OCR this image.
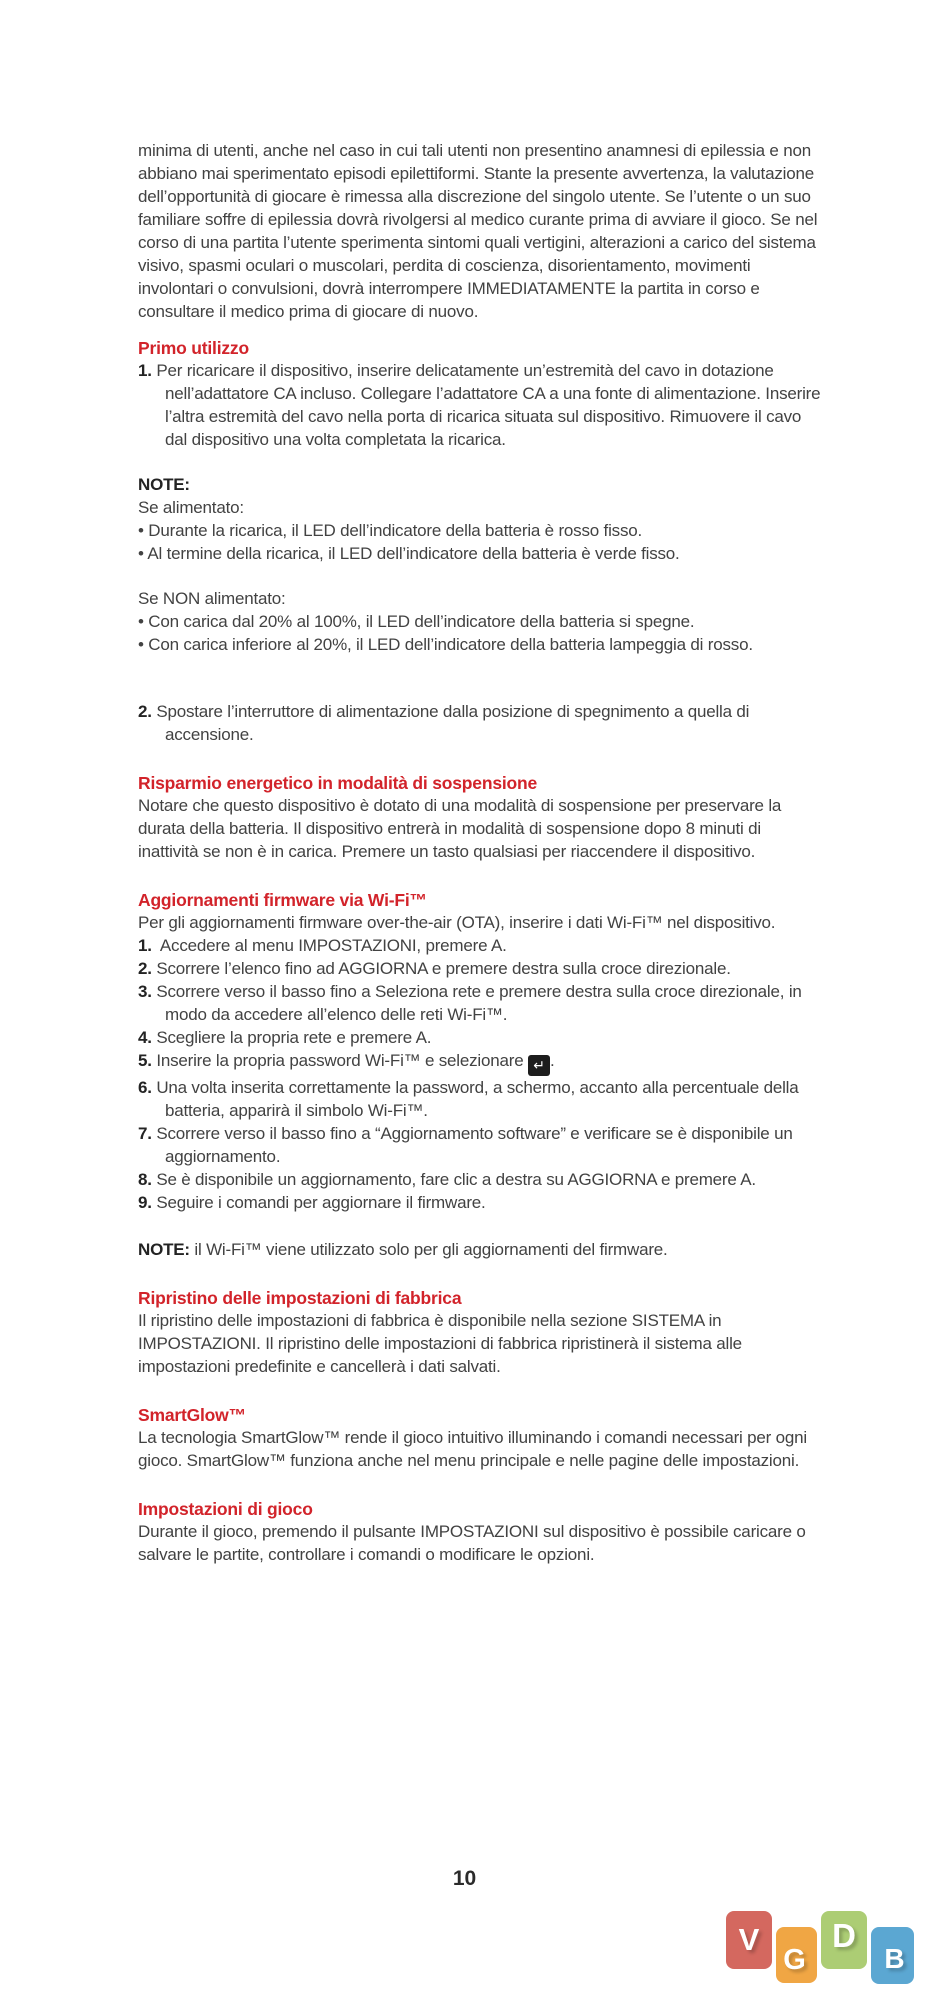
minima di utenti, anche nel caso in cui tali utenti non presentino anamnesi di epilessia e non abbiano mai sperimentato episodi epilettiformi. Stante la presente avvertenza, la valutazione dell’opportunità di giocare è rimessa alla discrezione del singolo utente. Se l’utente o un suo familiare soffre di epilessia dovrà rivolgersi al medico curante prima di avviare il gioco. Se nel corso di una partita l’utente sperimenta sintomi quali vertigini, alterazioni a carico del sistema visivo, spasmi oculari o muscolari, perdita di coscienza, disorientamento, movimenti involontari o convulsioni, dovrà interrompere IMMEDIATAMENTE la partita in corso e consultare il medico prima di giocare di nuovo.

Primo utilizzo

1. Per ricaricare il dispositivo, inserire delicatamente un’estremità del cavo in dotazione nell’adattatore CA incluso. Collegare l’adattatore CA a una fonte di alimentazione. Inserire l’altra estremità del cavo nella porta di ricarica situata sul dispositivo. Rimuovere il cavo dal dispositivo una volta completata la ricarica.

NOTE:

Se alimentato:

• Durante la ricarica, il LED dell’indicatore della batteria è rosso fisso.

• Al termine della ricarica, il LED dell’indicatore della batteria è verde fisso.

Se NON alimentato:

• Con carica dal 20% al 100%, il LED dell’indicatore della batteria si spegne.

• Con carica inferiore al 20%, il LED dell’indicatore della batteria lampeggia di rosso.

2. Spostare l’interruttore di alimentazione dalla posizione di spegnimento a quella di accensione.

Risparmio energetico in modalità di sospensione

Notare che questo dispositivo è dotato di una modalità di sospensione per preservare la durata della batteria. Il dispositivo entrerà in modalità di sospensione dopo 8 minuti di inattività se non è in carica. Premere un tasto qualsiasi per riaccendere il dispositivo.

Aggiornamenti firmware via Wi-Fi™

Per gli aggiornamenti firmware over-the-air (OTA), inserire i dati Wi-Fi™ nel dispositivo.

1. Accedere al menu IMPOSTAZIONI, premere A.

2. Scorrere l’elenco fino ad AGGIORNA e premere destra sulla croce direzionale.

3. Scorrere verso il basso fino a Seleziona rete e premere destra sulla croce direzionale, in modo da accedere all’elenco delle reti Wi-Fi™.

4. Scegliere la propria rete e premere A.

5. Inserire la propria password Wi-Fi™ e selezionare ↵ .

6. Una volta inserita correttamente la password, a schermo, accanto alla percentuale della batteria, apparirà il simbolo Wi-Fi™.

7. Scorrere verso il basso fino a “Aggiornamento software” e verificare se è disponibile un aggiornamento.

8. Se è disponibile un aggiornamento, fare clic a destra su AGGIORNA e premere A.

9. Seguire i comandi per aggiornare il firmware.

NOTE: il Wi-Fi™ viene utilizzato solo per gli aggiornamenti del firmware.

Ripristino delle impostazioni di fabbrica

Il ripristino delle impostazioni di fabbrica è disponibile nella sezione SISTEMA in IMPOSTAZIONI. Il ripristino delle impostazioni di fabbrica ripristinerà il sistema alle impostazioni predefinite e cancellerà i dati salvati.

SmartGlow™

La tecnologia SmartGlow™ rende il gioco intuitivo illuminando i comandi necessari per ogni gioco. SmartGlow™ funziona anche nel menu principale e nelle pagine delle impostazioni.

Impostazioni di gioco

Durante il gioco, premendo il pulsante IMPOSTAZIONI sul dispositivo è possibile caricare o salvare le partite, controllare i comandi o modificare le opzioni.

10
V
G
D
B
